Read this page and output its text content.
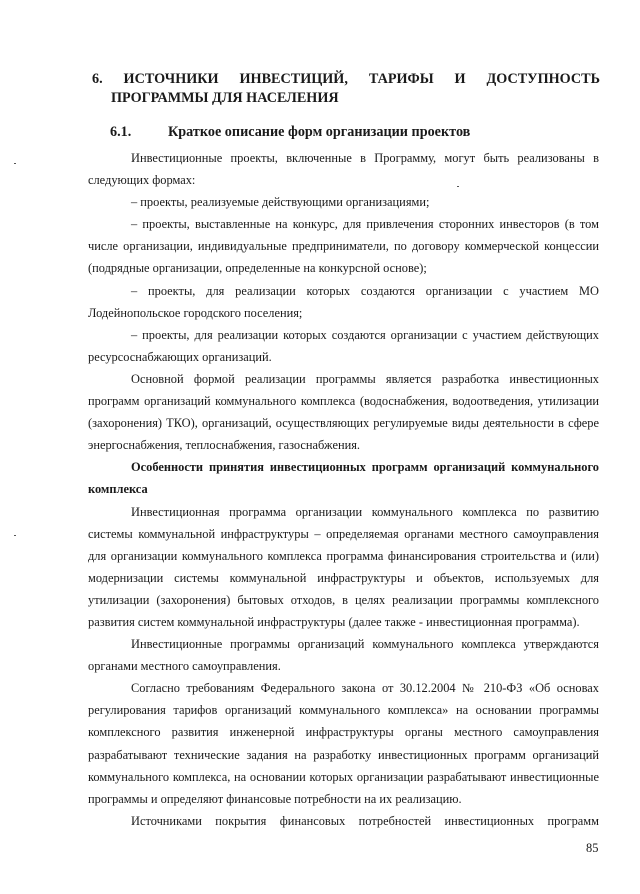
6. ИСТОЧНИКИ ИНВЕСТИЦИЙ, ТАРИФЫ И ДОСТУПНОСТЬ
ПРОГРАММЫ ДЛЯ НАСЕЛЕНИЯ
6.1.	Краткое описание форм организации проектов

Инвестиционные проекты, включенные в Программу, могут быть реализованы в следующих формах:

– проекты, реализуемые действующими организациями;

– проекты, выставленные на конкурс, для привлечения сторонних инвесторов (в том числе организации, индивидуальные предприниматели, по договору коммерческой концессии (подрядные организации, определенные на конкурсной основе);

– проекты, для реализации которых создаются организации с участием МО Лодейнопольское городского поселения;

– проекты, для реализации которых создаются организации с участием действующих ресурсоснабжающих организаций.

Основной формой реализации программы является разработка инвестиционных программ организаций коммунального комплекса (водоснабжения, водоотведения, утилизации (захоронения) ТКО), организаций, осуществляющих регулируемые виды деятельности в сфере энергоснабжения, теплоснабжения, газоснабжения.

Особенности принятия инвестиционных программ организаций коммунального комплекса

Инвестиционная программа организации коммунального комплекса по развитию системы коммунальной инфраструктуры – определяемая органами местного самоуправления для организации коммунального комплекса программа финансирования строительства и (или) модернизации системы коммунальной инфраструктуры и объектов, используемых для утилизации (захоронения) бытовых отходов, в целях реализации программы комплексного развития систем коммунальной инфраструктуры (далее также - инвестиционная программа).

Инвестиционные программы организаций коммунального комплекса утверждаются органами местного самоуправления.

Согласно требованиям Федерального закона от 30.12.2004 № 210-ФЗ «Об основах регулирования тарифов организаций коммунального комплекса» на основании программы комплексного развития инженерной инфраструктуры органы местного самоуправления разрабатывают технические задания на разработку инвестиционных программ организаций коммунального комплекса, на основании которых организации разрабатывают инвестиционные программы и определяют финансовые потребности на их реализацию.

Источниками покрытия финансовых потребностей инвестиционных программ

85
